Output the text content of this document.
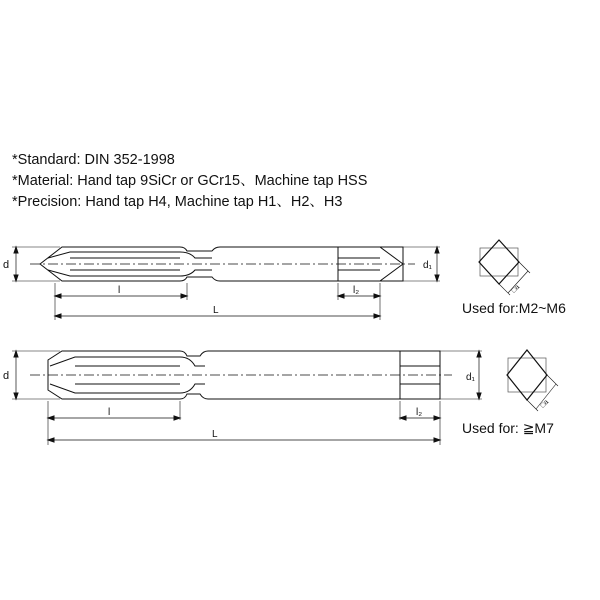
*Standard: DIN 352-1998
*Material: Hand tap 9SiCr or GCr15、Machine tap HSS
*Precision: Hand tap H4, Machine tap H1、H2、H3
d	d₁
l	l₂
L
□a
Used for:M2~M6
d	d₁
l	l₂
L
□a
Used for: ≧M7
